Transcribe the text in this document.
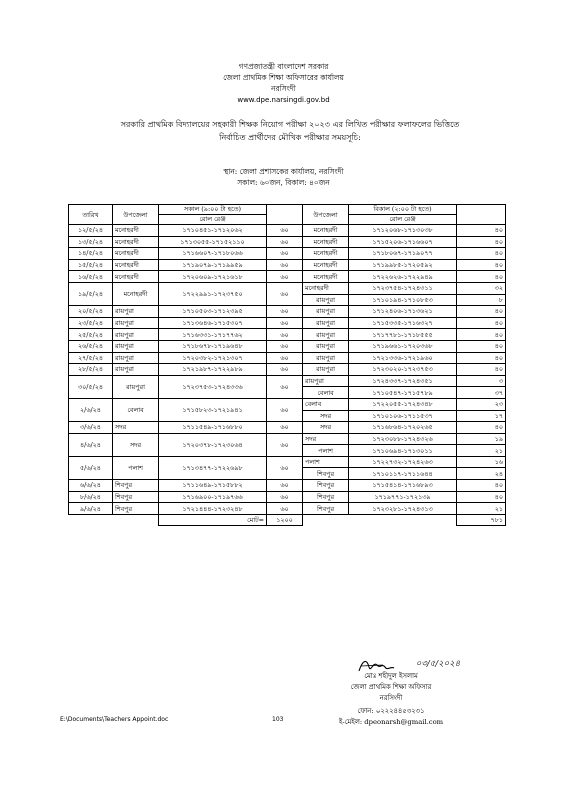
গণপ্রজাতন্ত্রী বাংলাদেশ সরকার
জেলা প্রাথমিক শিক্ষা অফিসারের কার্যালয়
নরসিংদী
www.dpe.narsingdi.gov.bd
সরকারি প্রাথমিক বিদ্যালয়ের সহকারী শিক্ষক নিয়োগ পরীক্ষা ২০২৩ এর লিখিত পরীক্ষার ফলাফলের ভিত্তিতে
নির্বাচিত প্রার্থীদের মৌখিক পরীক্ষার সময়সূচি:
স্থান: জেলা প্রশাসকের কার্যালয়, নরসিংদী
সকাল: ৬০জন, বিকাল: ৪০জন
তারিখ	উপজেলা	সকাল (৯:০০ টা হতে)		উপজেলা	বিকাল (২:০০ টা হতে)	
		রোল রেঞ্জ			রোল রেঞ্জ	
১২/৫/২৪	মনোহরদী	১৭১০৪৫১-১৭১২০৬২	৬০	মনোহরদী	১৭১২০৬৮-১৭১৩০৩৮	৪০
১৩/৫/২৪	মনোহরদী	১৭১৩০৫৫-১৭১৫২১১০	৬০	মনোহরদী	১৭১৫২০৬-১৭১৬৬০৭	৪০
১৪/৫/২৪	মনোহরদী	১৭১৬৬০৭-১৭১৮০৬৬	৬০	মনোহরদী	১৭১৮০৬৭-১৭১৯০৭৭	৪০
১৫/৫/২৪	মনোহরদী	১৭১৯০৭৯-১৭১৯৯৫৯	৬০	মনোহরদী	১৭১৯৯৮৫-১৭২০৫৯২	৪০
১৬/৫/২৪	মনোহরদী	১৭২০৬০৯-১৭২১৬১৮	৬০	মনোহরদী	১৭২২৬২৬-১৭২২৯৪৯	৪০
১৯/৫/২৪	মনোহরদী	১৭২২৯৯১-১৭২৩৭৫০	৬০	মনোহরদী	১৭২৩৭৫৪-১৭২৪৩১১	৩২
				রায়পুরা	১৭১০১৯৪-১৭১০৮৫৩	৮
২০/৫/২৪	রায়পুরা	১৭১০৫০৩-১৭১২৩৯৫	৬০	রায়পুরা	১৭১২৪০৬-১৭১৩৬২১	৪০
২৩/৫/২৪	রায়পুরা	১৭১৩৬৪৬-১৭১৫৩০৭	৬০	রায়পুরা	১৭১৫৩৩৫-১৭১৬৩২৭	৪০
২৫/৫/২৪	রায়পুরা	১৭১৬৩৩১-১৭১৭৭৬২	৬০	রায়পুরা	১৭১৭৭৮১-১৭১৮৫৫৫	৪০
২৬/৫/২৪	রায়পুরা	১৭১৮৬৭৮-১৭১৯৬৪৮	৬০	রায়পুরা	১৭১৯৬৬১-১৭২০৩৬৮	৪০
২৭/৫/২৪	রায়পুরা	১৭২০৩৮২-১৭২১৩০৭	৬০	রায়পুরা	১৭২১৩৩৬-১৭২১৯৬০	৪০
২৮/৫/২৪	রায়পুরা	১৭২১৯৮৭-১৭২২৯৮৯	৬০	রায়পুরা	১৭২৩০২০-১৭২৩৭৫৩	৪০
৩০/৫/২৪	রায়পুরা	১৭২৩৭৫৩-১৭২৪৩৩৬	৬০	রায়পুরা	১৭২৪৩৩৭-১৭২৪৩৫১	৩
				বেলাব	১৭১০৫৪৭-১৭১৫৭৮৯	৩৭
২/৬/২৪	বেলাব	১৭১৫৮২৩-১৭২১৯৪১	৬০	বেলাব	১৭২২০৫৫-১৭২৪৩৪৮	২৩
				সদর	১৭১০১০৬-১৭১১৫৩৭	১৭
৩/৬/২৪	সদর	১৭১১৫৪৯-১৭১৬৮৮০	৬০	সদর	১৭১৬৮৬৪-১৭২০২৬৫	৪০
৪/৬/২৪	সদর	১৭২০৩৭৮-১৭২৩০৬৪	৬০	সদর	১৭২৩০৮৮-১৭২৪৩২৬	১৯
				পলাশ	১৭১০৬৯৪-১৭১৩০১১	২১
৫/৬/২৪	পলাশ	১৭১৩৪৭৭-১৭২২৬৯৮	৬০	পলাশ	১৭২২৭৩২-১৭২৪২৬৩	১৬
				শিবপুর	১৭১০১১৭-১৭১১৬৪৪	২৪
৬/৬/২৪	শিবপুর	১৭১১৬৪৯-১৭১৫৮৮২	৬০	শিবপুর	১৭১৫৪১৪-১৭১৬৮৯৩	৪০
৮/৬/২৪	শিবপুর	১৭১৬৯০০-১৭১৯৭৬৬	৬০	শিবপুর	১৭১৯৭৭১-১৭২১৩৯	৪০
৯/৬/২৪	শিবপুর	১৭২১৪৪৪-১৭২৩২৪৮	৬০	শিবপুর	১৭২৩২৮১-১৭২৪৩১৩	২১
		মোট=	১২০০			৭৮১
০৩/৫/২০২৪
মোঃ শহীদুল ইসলাম
জেলা প্রাথমিক শিক্ষা অফিসার
নরসিংদী
ফোন: ০২২২৪৪৫৩২৩১
ই-মেইল: dpeonarsh@gmail.com
E:\Documents\Teachers Appoint.doc	103
